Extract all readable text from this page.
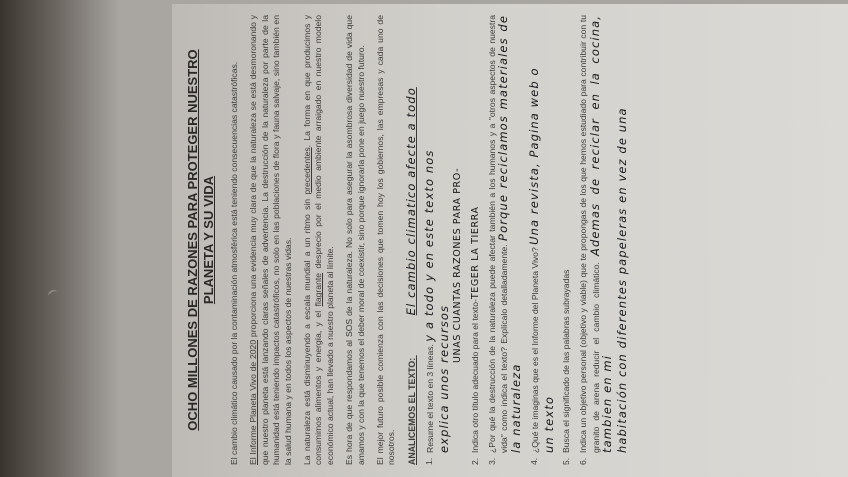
OCHO MILLONES DE RAZONES PARA PROTEGER NUESTRO PLANETA Y SU VIDA El cambio climático causado por la contaminación atmosférica está teniendo consecuencias catastróficas. El Informe Planeta Vivo de 2020 proporciona una evidencia muy clara de que la naturaleza se está desmoronando y que nuestro planeta está lanzando claras señales de advertencia. La destrucción de la naturaleza por parte de la humanidad está teniendo impactos catastróficos, no solo en las poblaciones de flora y fauna salvaje, sino también en la salud humana y en todos los aspectos de nuestras vidas. La naturaleza está disminuyendo a escala mundial a un ritmo sin precedentes. La forma en que producimos y consumimos alimentos y energía, y el flagrante desprecio por el medio ambiente arraigado en nuestro modelo económico actual, han llevado a nuestro planeta al límite. Es hora de que respondamos al SOS de la naturaleza. No solo para asegurar la asombrosa diversidad de vida que amamos y con la que tenemos el deber moral de coexistir, sino porque ignorarla pone en juego nuestro futuro. El mejor futuro posible comienza con las decisiones que tomen hoy los gobiernos, las empresas y cada uno de nosotros. ANALICEMOS EL TEXTO: El cambio climatico afecte a todo
1.
Resume el texto en 3 líneas. y a todo y en este texto nos
explica unos recursos
UNAS CUANTAS RAZONES PARA PRO-
2.
Indica otro título adecuado para el texto-TEGER LA TIERRA
3.
¿Por qué la destrucción de la naturaleza puede afectar también a los humanos y a "otros aspectos de nuestra vida" como indica el texto? Explícalo detalladamente. Porque reciclamos materiales de la naturaleza
4.
¿Qué te imaginas que es el Informe del Planeta Vivo? Una revista, Pagina web o
un texto
5.
Busca el significado de las palabras subrayadas
6.
Indica un objetivo personal (objetivo y viable) que te propongas de los que hemos estudiado para contribuir con tu granito de arena reducir el cambio climático. Ademas de reciclar en la cocina, tambien en mi habitación con diferentes papeleras en vez de una
